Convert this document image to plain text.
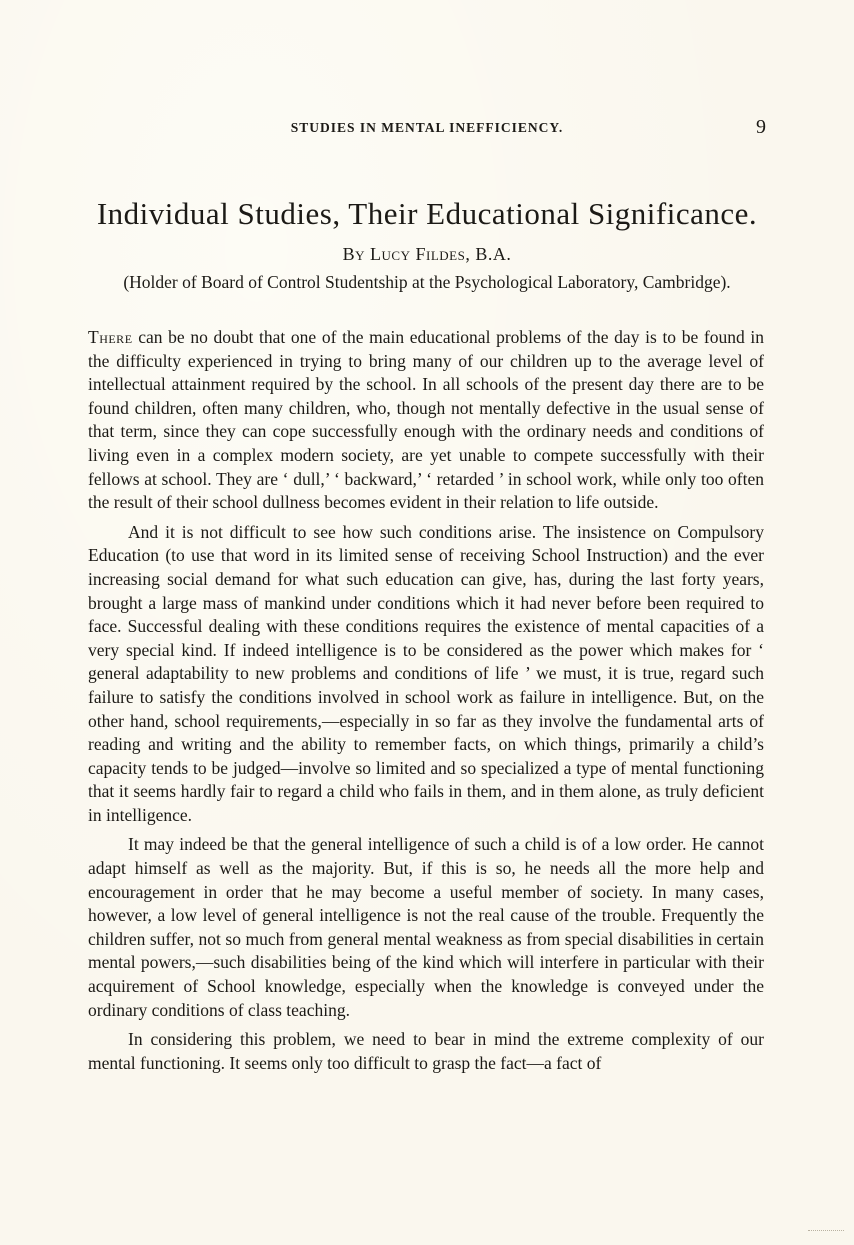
STUDIES IN MENTAL INEFFICIENCY.	9
Individual Studies, Their Educational Significance.
By Lucy Fildes, B.A.
(Holder of Board of Control Studentship at the Psychological Laboratory, Cambridge).

There can be no doubt that one of the main educational problems of the day is to be found in the difficulty experienced in trying to bring many of our children up to the average level of intellectual attainment required by the school. In all schools of the present day there are to be found children, often many children, who, though not mentally defective in the usual sense of that term, since they can cope successfully enough with the ordinary needs and conditions of living even in a complex modern society, are yet unable to compete successfully with their fellows at school. They are ‘ dull,’ ‘ backward,’ ‘ retarded ’ in school work, while only too often the result of their school dullness becomes evident in their relation to life outside.

And it is not difficult to see how such conditions arise. The insistence on Compulsory Education (to use that word in its limited sense of receiving School Instruction) and the ever increasing social demand for what such education can give, has, during the last forty years, brought a large mass of mankind under conditions which it had never before been required to face. Successful dealing with these conditions requires the existence of mental capacities of a very special kind. If indeed intelligence is to be considered as the power which makes for ‘ general adaptability to new problems and conditions of life ’ we must, it is true, regard such failure to satisfy the conditions involved in school work as failure in intelligence. But, on the other hand, school requirements,—especially in so far as they involve the fundamental arts of reading and writing and the ability to remember facts, on which things, primarily a child’s capacity tends to be judged—involve so limited and so specialized a type of mental functioning that it seems hardly fair to regard a child who fails in them, and in them alone, as truly deficient in intelligence.

It may indeed be that the general intelligence of such a child is of a low order. He cannot adapt himself as well as the majority. But, if this is so, he needs all the more help and encouragement in order that he may become a useful member of society. In many cases, however, a low level of general intelligence is not the real cause of the trouble. Frequently the children suffer, not so much from general mental weakness as from special disabilities in certain mental powers,—such disabilities being of the kind which will interfere in particular with their acquirement of School knowledge, especially when the knowledge is conveyed under the ordinary conditions of class teaching.

In considering this problem, we need to bear in mind the extreme complexity of our mental functioning. It seems only too difficult to grasp the fact—a fact of
